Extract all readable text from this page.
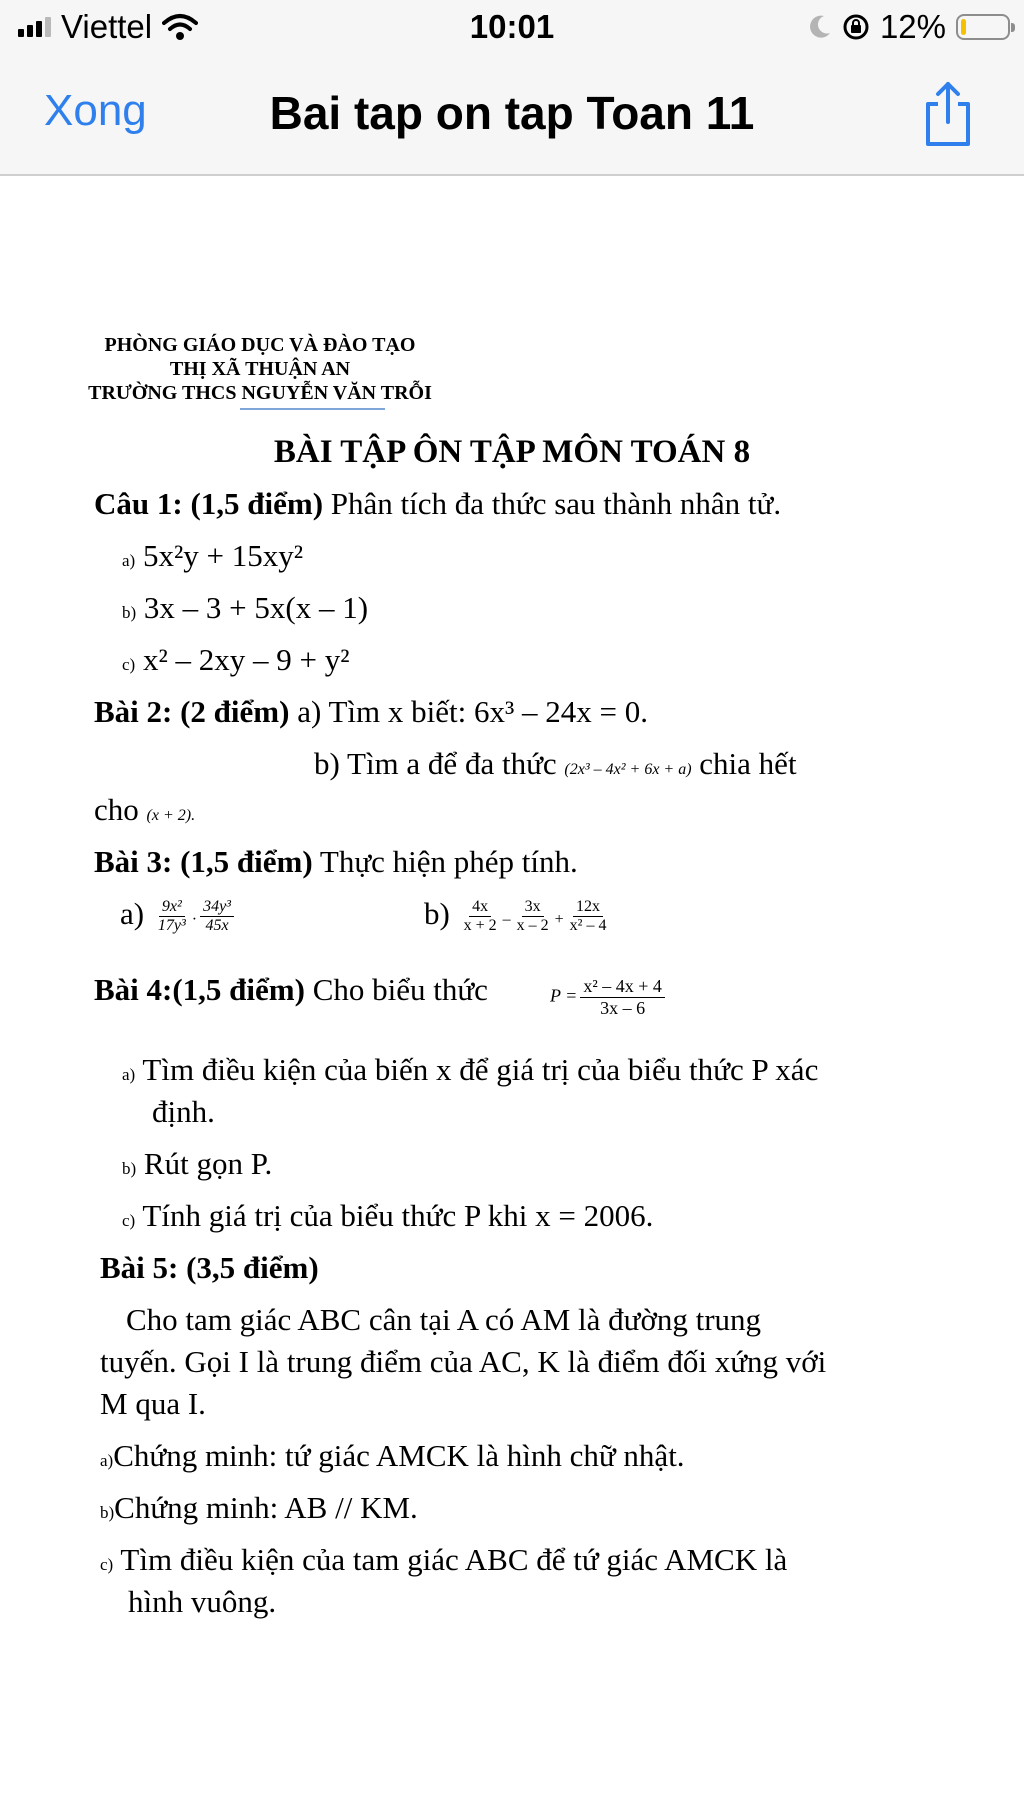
Viettel	10:01	12%
Xong	Bai tap on tap Toan 11
PHÒNG GIÁO DỤC VÀ ĐÀO TẠO
THỊ XÃ THUẬN AN
TRƯỜNG THCS NGUYỄN VĂN TRỖI
BÀI TẬP ÔN TẬP MÔN TOÁN 8
Câu 1: (1,5 điểm) Phân tích đa thức sau thành nhân tử.
a) 5x²y + 15xy²
b) 3x – 3 + 5x(x – 1)
c) x² – 2xy – 9 + y²
Bài 2: (2 điểm) a) Tìm x biết: 6x³ – 24x = 0.
b) Tìm a để đa thức (2x³ – 4x² + 6x + a) chia hết
cho (x + 2).
Bài 3: (1,5 điểm) Thực hiện phép tính.
$a) \frac{\text{9x²}}{\text{17y³}} \cdot \frac{\text{34y³}}{45x}$	$b) \frac{4x}{x + 2} - \frac{3x}{x - 2} + \frac{12x}{\text{x² – 4}}$
Bài 4:(1,5 điểm) Cho biểu thức	$P = \frac{\text{x² – 4x + 4}}{3x - 6}$
a) Tìm điều kiện của biến x để giá trị của biểu thức P xác
định.
b) Rút gọn P.
c) Tính giá trị của biểu thức P khi x = 2006.
Bài 5: (3,5 điểm)
Cho tam giác ABC cân tại A có AM là đường trung
tuyến. Gọi I là trung điểm của AC, K là điểm đối xứng với
M qua I.
a)Chứng minh: tứ giác AMCK là hình chữ nhật.
b)Chứng minh: AB // KM.
c) Tìm điều kiện của tam giác ABC để tứ giác AMCK là
hình vuông.
